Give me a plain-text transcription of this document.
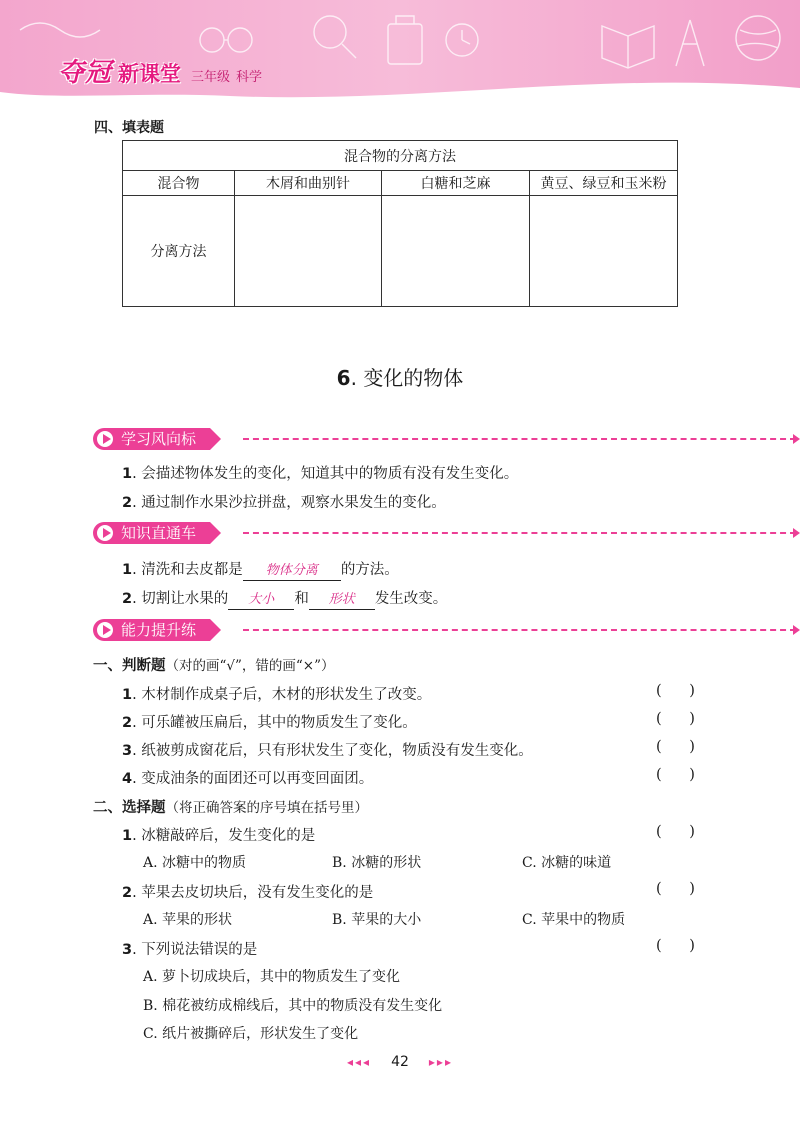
夺冠 新课堂 三年级 科学
四、填表题
混合物的分离方法			
混合物	木屑和曲别针	白糖和芝麻	黄豆、绿豆和玉米粉
分离方法			
6. 变化的物体
学习风向标
1. 会描述物体发生的变化，知道其中的物质有没有发生变化。
2. 通过制作水果沙拉拼盘，观察水果发生的变化。
知识直通车
1. 清洗和去皮都是 物体分离 的方法。
2. 切割让水果的 大小 和 形状 发生改变。
能力提升练
一、判断题（对的画“√”，错的画“×”）
1. 木材制作成桌子后，木材的形状发生了改变。	(      )
2. 可乐罐被压扁后，其中的物质发生了变化。	(      )
3. 纸被剪成窗花后，只有形状发生了变化，物质没有发生变化。	(      )
4. 变成油条的面团还可以再变回面团。	(      )
二、选择题（将正确答案的序号填在括号里）
1. 冰糖敲碎后，发生变化的是	(      )
A. 冰糖中的物质	B. 冰糖的形状	C. 冰糖的味道
2. 苹果去皮切块后，没有发生变化的是	(      )
A. 苹果的形状	B. 苹果的大小	C. 苹果中的物质
3. 下列说法错误的是	(      )
A. 萝卜切成块后，其中的物质发生了变化
B. 棉花被纺成棉线后，其中的物质没有发生变化
C. 纸片被撕碎后，形状发生了变化
◂◂◂ 42 ▸▸▸
